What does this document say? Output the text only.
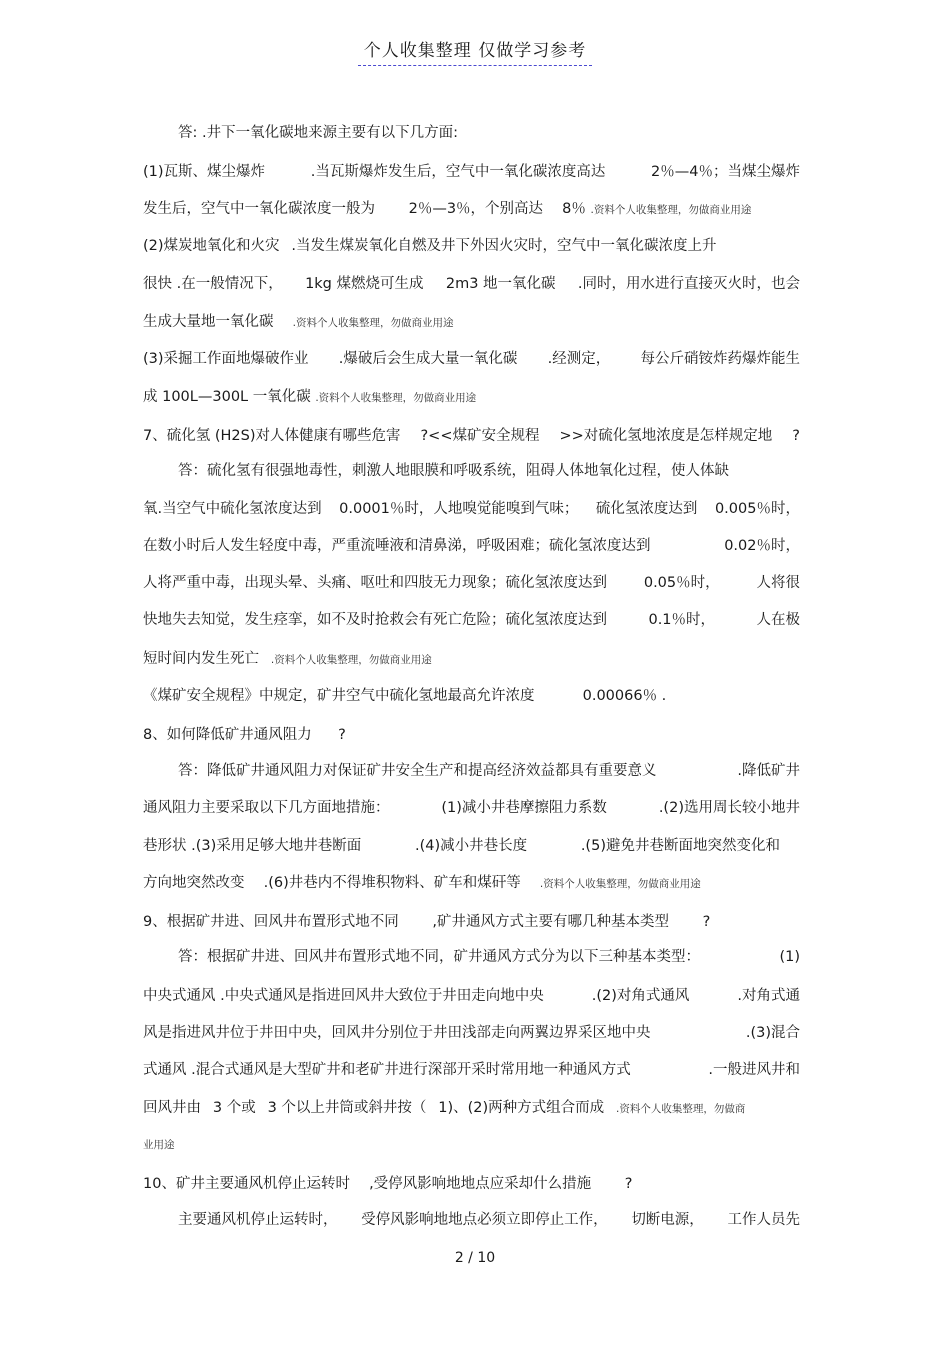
个人收集整理 仅做学习参考
答: .井下一氧化碳地来源主要有以下几方面:
(1)瓦斯、煤尘爆炸	.当瓦斯爆炸发生后，空气中一氧化碳浓度高达	2％—4％；当煤尘爆炸
发生后，空气中一氧化碳浓度一般为   2％—3％，个别高达  8％ .资料个人收集整理，勿做商业用途
(2)煤炭地氧化和火灾  .当发生煤炭氧化自燃及井下外因火灾时，空气中一氧化碳浓度上升
很快 .在一般情况下， 1kg 煤燃烧可生成 2m3 地一氧化碳 .同时，用水进行直接灭火时，也会
生成大量地一氧化碳  .资料个人收集整理，勿做商业用途
(3)采掘工作面地爆破作业 .爆破后会生成大量一氧化碳 .经测定， 每公斤硝铵炸药爆炸能生
成 100L—300L 一氧化碳 .资料个人收集整理，勿做商业用途
7、硫化氢 (H2S)对人体健康有哪些危害 ?<<煤矿安全规程 >>对硫化氢地浓度是怎样规定地 ?
答：硫化氢有很强地毒性，刺激人地眼膜和呼吸系统，阻碍人体地氧化过程，使人体缺
氧.当空气中硫化氢浓度达到 0.0001％时，人地嗅觉能嗅到气味； 硫化氢浓度达到 0.005％时，
在数小时后人发生轻度中毒，严重流唾液和清鼻涕，呼吸困难；硫化氢浓度达到	0.02％时，
人将严重中毒，出现头晕、头痛、呕吐和四肢无力现象；硫化氢浓度达到	0.05％时，	人将很
快地失去知觉，发生痉挛，如不及时抢救会有死亡危险；硫化氢浓度达到	0.1％时，	人在极
短时间内发生死亡  .资料个人收集整理，勿做商业用途
《煤矿安全规程》中规定，矿井空气中硫化氢地最高允许浓度   	0.00066％ .
8、如何降低矿井通风阻力   ?
答：降低矿井通风阻力对保证矿井安全生产和提高经济效益都具有重要意义	.降低矿井
通风阻力主要采取以下几方面地措施：	(1)减小井巷摩擦阻力系数	.(2)选用周长较小地井
巷形状 .(3)采用足够大地井巷断面	.(4)减小井巷长度	.(5)避免井巷断面地突然变化和
方向地突然改变  .(6)井巷内不得堆积物料、矿车和煤矸等  .资料个人收集整理，勿做商业用途
9、根据矿井进、回风井布置形式地不同   ,矿井通风方式主要有哪几种基本类型   ?
答：根据矿井进、回风井布置形式地不同，矿井通风方式分为以下三种基本类型：	(1)
中央式通风 .中央式通风是指进回风井大致位于井田走向地中央	.(2)对角式通风	.对角式通
风是指进风井位于井田中央，回风井分别位于井田浅部走向两翼边界采区地中央	.(3)混合
式通风 .混合式通风是大型矿井和老矿井进行深部开采时常用地一种通风方式	.一般进风井和
回风井由  3 个或  3 个以上井筒或斜井按（  1)、(2)两种方式组合而成  .资料个人收集整理，勿做商
业用途
10、矿井主要通风机停止运转时  ,受停风影响地地点应采却什么措施   ?
主要通风机停止运转时， 受停风影响地地点必须立即停止工作， 切断电源， 工作人员先
2 / 10
